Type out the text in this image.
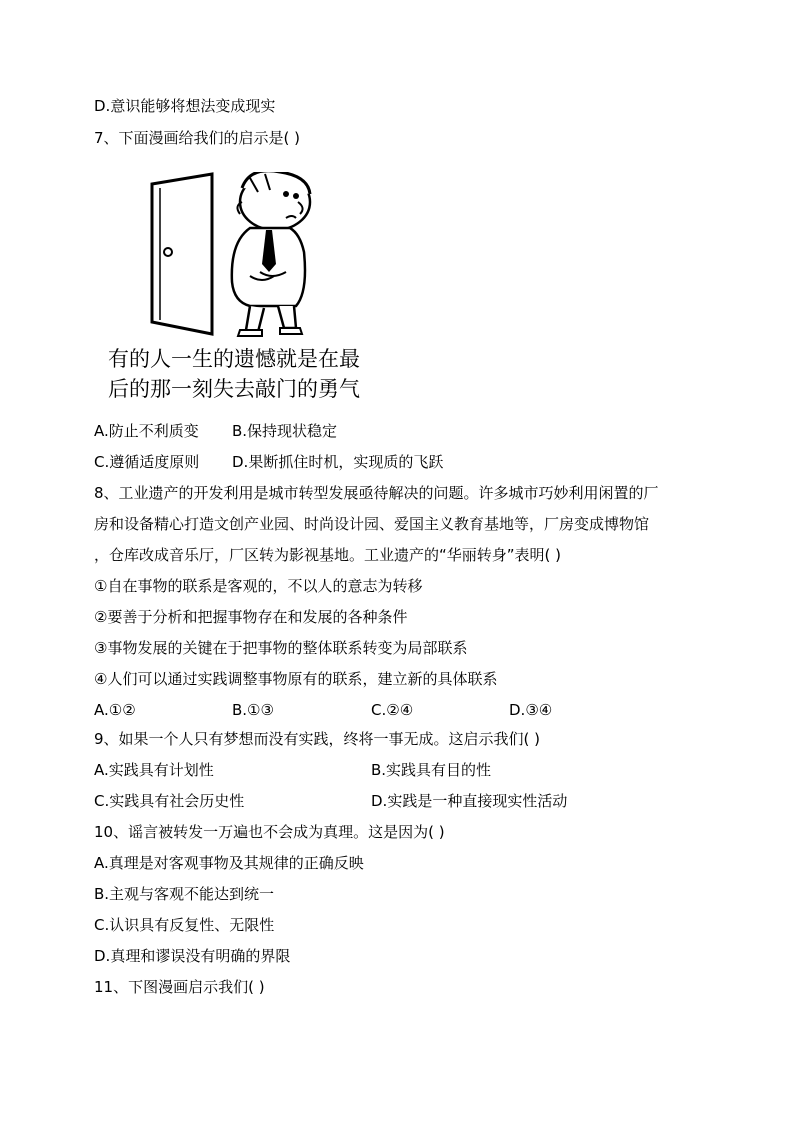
D.意识能够将想法变成现实
7、下面漫画给我们的启示是( )
有的人一生的遗憾就是在最
后的那一刻失去敲门的勇气
A.防止不利质变 B.保持现状稳定
C.遵循适度原则 D.果断抓住时机，实现质的飞跃
8、工业遗产的开发利用是城市转型发展亟待解决的问题。许多城市巧妙利用闲置的厂
房和设备精心打造文创产业园、时尚设计园、爱国主义教育基地等，厂房变成博物馆
，仓库改成音乐厅，厂区转为影视基地。工业遗产的“华丽转身”表明( )
①自在事物的联系是客观的，不以人的意志为转移
②要善于分析和把握事物存在和发展的各种条件
③事物发展的关键在于把事物的整体联系转变为局部联系
④人们可以通过实践调整事物原有的联系，建立新的具体联系
A.①②	B.①③	C.②④	D.③④
9、如果一个人只有梦想而没有实践，终将一事无成。这启示我们( )
A.实践具有计划性	B.实践具有目的性
C.实践具有社会历史性	D.实践是一种直接现实性活动
10、谣言被转发一万遍也不会成为真理。这是因为( )
A.真理是对客观事物及其规律的正确反映
B.主观与客观不能达到统一
C.认识具有反复性、无限性
D.真理和谬误没有明确的界限
11、下图漫画启示我们( )
